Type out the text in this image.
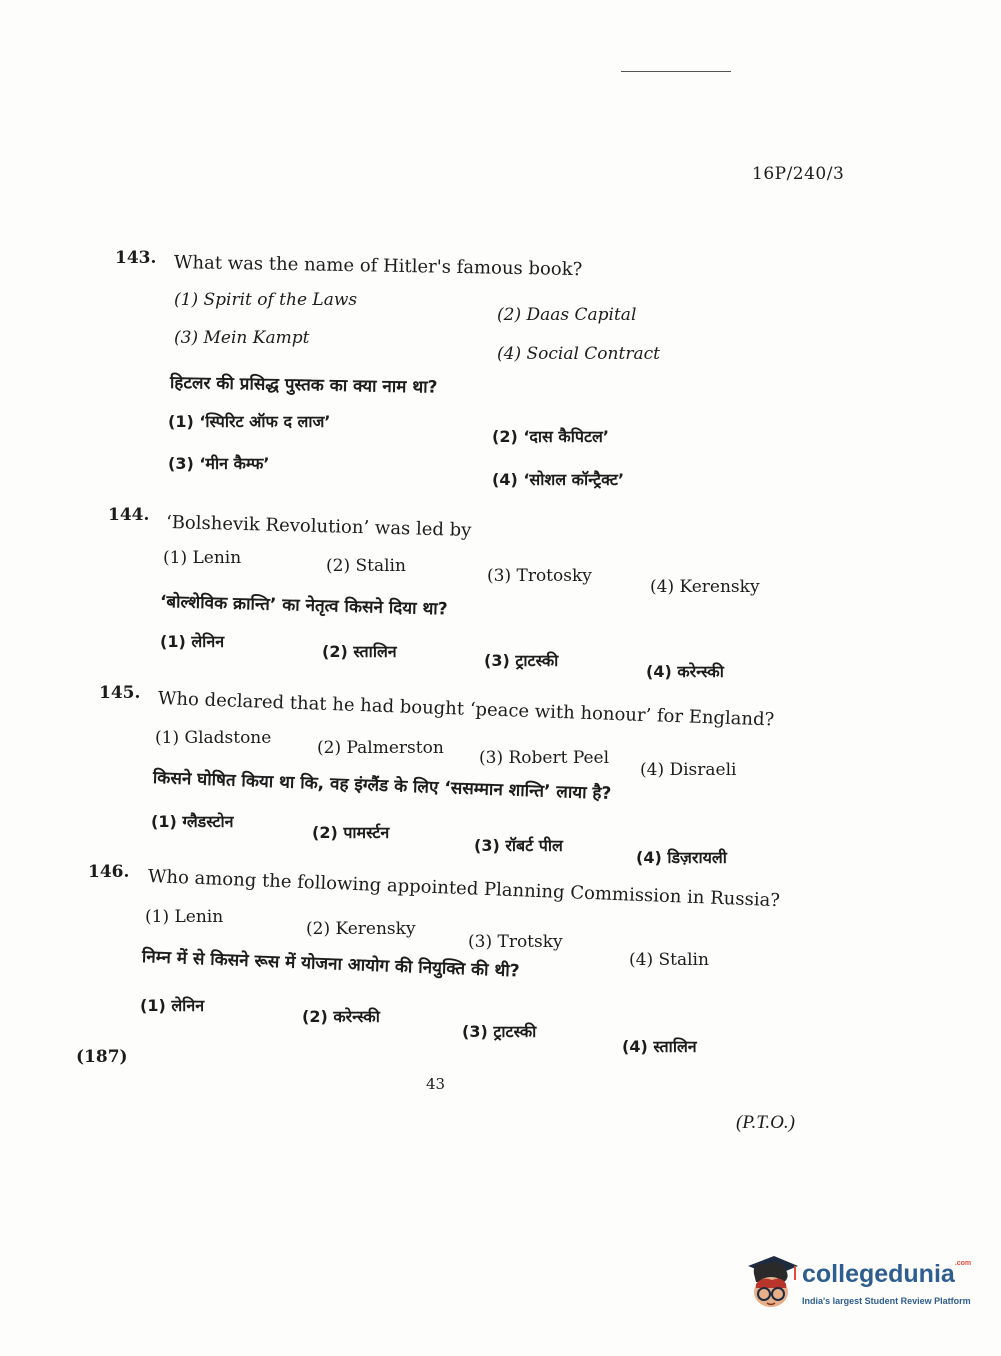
16P/240/3
143. What was the name of Hitler's famous book?
(1) Spirit of the Laws
(2) Daas Capital
(3) Mein Kampt
(4) Social Contract
हिटलर की प्रसिद्ध पुस्तक का क्या नाम था?
(1) ‘स्पिरिट ऑफ द लाज’
(2) ‘दास कैपिटल’
(3) ‘मीन कैम्फ’
(4) ‘सोशल कॉन्ट्रैक्ट’
144. ‘Bolshevik Revolution’ was led by
(1) Lenin	(2) Stalin	(3) Trotosky
(4) Kerensky
‘बोल्शेविक क्रान्ति’ का नेतृत्व किसने दिया था?
(1) लेनिन
(2) स्तालिन	(3) ट्राटस्की
(4) करेन्स्की
145. Who declared that he had bought ‘peace with honour’ for England?
(1) Gladstone	(2) Palmerston (3) Robert Peel
(4) Disraeli
किसने घोषित किया था कि, वह इंग्लैंड के लिए ‘ससम्मान शान्ति’ लाया है?
(1) ग्लैडस्टोन
(2) पामर्स्टन
(3) रॉबर्ट पील
(4) डिज़रायली
146. Who among the following appointed Planning Commission in Russia?
(1) Lenin
(2) Kerensky
(3) Trotsky
(4) Stalin
निम्न में से किसने रूस में योजना आयोग की नियुक्ति की थी?
(1) लेनिन
(2) करेन्स्की
(3) ट्राटस्की
(4) स्तालिन
(187)
43
(P.T.O.)
collegedunia$^{.com}$
India's largest Student Review Platform
